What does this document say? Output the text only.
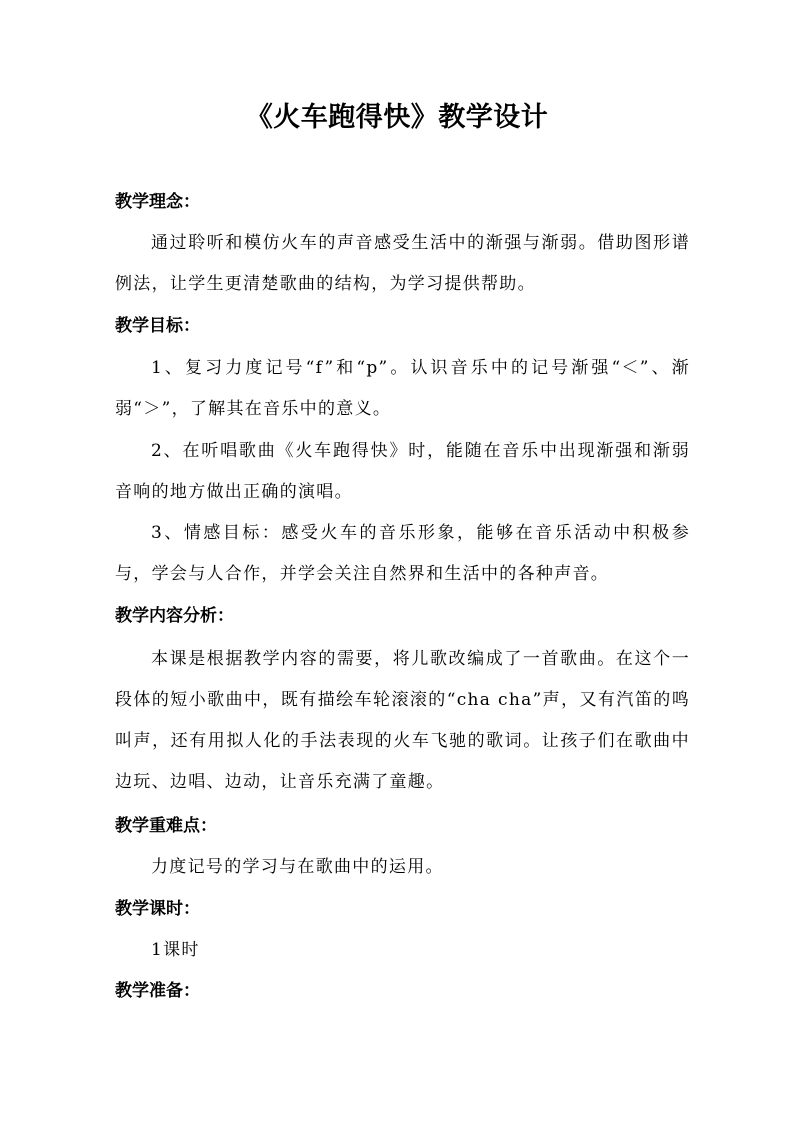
《火车跑得快》教学设计
教学理念：
通过聆听和模仿火车的声音感受生活中的渐强与渐弱。借助图形谱例法，让学生更清楚歌曲的结构，为学习提供帮助。
教学目标：
1、复习力度记号“f”和“p”。认识音乐中的记号渐强“＜”、渐弱“＞”，了解其在音乐中的意义。
2、在听唱歌曲《火车跑得快》时，能随在音乐中出现渐强和渐弱音响的地方做出正确的演唱。
3、情感目标：感受火车的音乐形象，能够在音乐活动中积极参与，学会与人合作，并学会关注自然界和生活中的各种声音。
教学内容分析：
本课是根据教学内容的需要，将儿歌改编成了一首歌曲。在这个一段体的短小歌曲中，既有描绘车轮滚滚的“cha cha”声，又有汽笛的鸣叫声，还有用拟人化的手法表现的火车飞驰的歌词。让孩子们在歌曲中边玩、边唱、边动，让音乐充满了童趣。
教学重难点：
力度记号的学习与在歌曲中的运用。
教学课时：
1课时
教学准备：
